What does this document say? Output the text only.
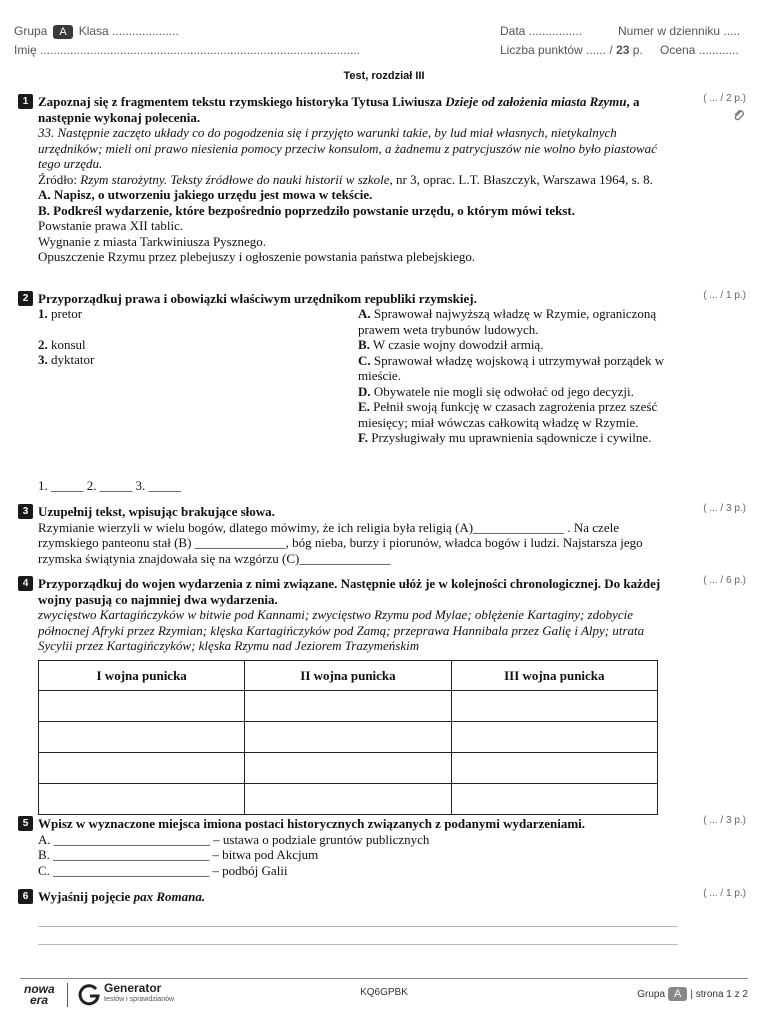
Grupa A Klasa ....................
Imię ................................................................................................
Data ................	Numer w dzienniku .....
Liczba punktów ...... / 23 p. Ocena ............
Test, rozdział III
1	( ... / 2 p.)
Zapoznaj się z fragmentem tekstu rzymskiego historyka Tytusa Liwiusza Dzieje od założenia miasta Rzymu, a następnie wykonaj polecenia.
33. Następnie zaczęto układy co do pogodzenia się i przyjęto warunki takie, by lud miał własnych, nietykalnych urzędników; mieli oni prawo niesienia pomocy przeciw konsulom, a żadnemu z patrycjuszów nie wolno było piastować tego urzędu.
Źródło: Rzym starożytny. Teksty źródłowe do nauki historii w szkole, nr 3, oprac. L.T. Błaszczyk, Warszawa 1964, s. 8.
A. Napisz, o utworzeniu jakiego urzędu jest mowa w tekście.
B. Podkreśl wydarzenie, które bezpośrednio poprzedziło powstanie urzędu, o którym mówi tekst.
Powstanie prawa XII tablic.
Wygnanie z miasta Tarkwiniusza Pysznego.
Opuszczenie Rzymu przez plebejuszy i ogłoszenie powstania państwa plebejskiego.
2	( ... / 1 p.)
Przyporządkuj prawa i obowiązki właściwym urzędnikom republiki rzymskiej.
1. pretor
2. konsul
3. dyktator
A. Sprawował najwyższą władzę w Rzymie, ograniczoną prawem weta trybunów ludowych.
B. W czasie wojny dowodził armią.
C. Sprawował władzę wojskową i utrzymywał porządek w mieście.
D. Obywatele nie mogli się odwołać od jego decyzji.
E. Pełnił swoją funkcję w czasach zagrożenia przez sześć miesięcy; miał wówczas całkowitą władzę w Rzymie.
F. Przysługiwały mu uprawnienia sądownicze i cywilne.
1. _____ 2. _____ 3. _____
3	( ... / 3 p.)
Uzupełnij tekst, wpisując brakujące słowa.
Rzymianie wierzyli w wielu bogów, dlatego mówimy, że ich religia była religią (A)______________ . Na czele rzymskiego panteonu stał (B) ______________, bóg nieba, burzy i piorunów, władca bogów i ludzi. Najstarsza jego rzymska świątynia znajdowała się na wzgórzu (C)______________
4	( ... / 6 p.)
Przyporządkuj do wojen wydarzenia z nimi związane. Następnie ułóż je w kolejności chronologicznej. Do każdej wojny pasują co najmniej dwa wydarzenia.
zwycięstwo Kartagińczyków w bitwie pod Kannami; zwycięstwo Rzymu pod Mylae; oblężenie Kartaginy; zdobycie północnej Afryki przez Rzymian; klęska Kartagińczyków pod Zamą; przeprawa Hannibala przez Galię i Alpy; utrata Sycylii przez Kartagińczyków; klęska Rzymu nad Jeziorem Trazymeńskim
I wojna punicka	II wojna punicka	III wojna punicka

5	( ... / 3 p.)
Wpisz w wyznaczone miejsca imiona postaci historycznych związanych z podanymi wydarzeniami.
A. ________________________ – ustawa o podziale gruntów publicznych
B. ________________________ – bitwa pod Akcjum
C. ________________________ – podbój Galii
6	( ... / 1 p.)
Wyjaśnij pojęcie pax Romana.
nowa
era
Generator
testów i sprawdzianów
KQ6GPBK	Grupa A | strona 1 z 2
